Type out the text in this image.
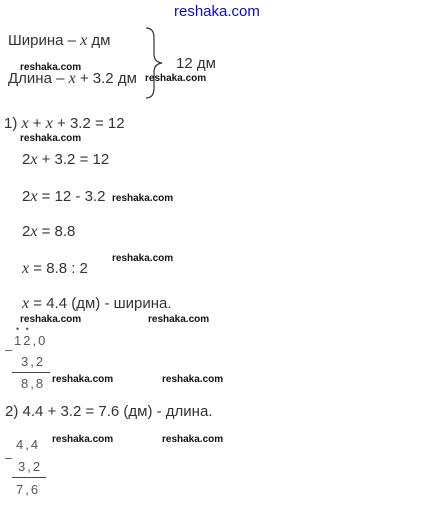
reshaka.com
Ширина – x дм
12 дм
reshaka.com
Длина – x + 3.2 дм reshaka.com
1) x + x + 3.2 = 12
reshaka.com
2x + 3.2 = 12
2x = 12 - 3.2 reshaka.com
2x = 8.8
reshaka.com
x = 8.8 : 2
x = 4.4 (дм) - ширина.
reshaka.com	reshaka.com
• •
–
12,0
3,2
8,8 reshaka.com	reshaka.com
2) 4.4 + 3.2 = 7.6 (дм) - длина.
reshaka.com	reshaka.com
4,4
–
3,2
7,6
